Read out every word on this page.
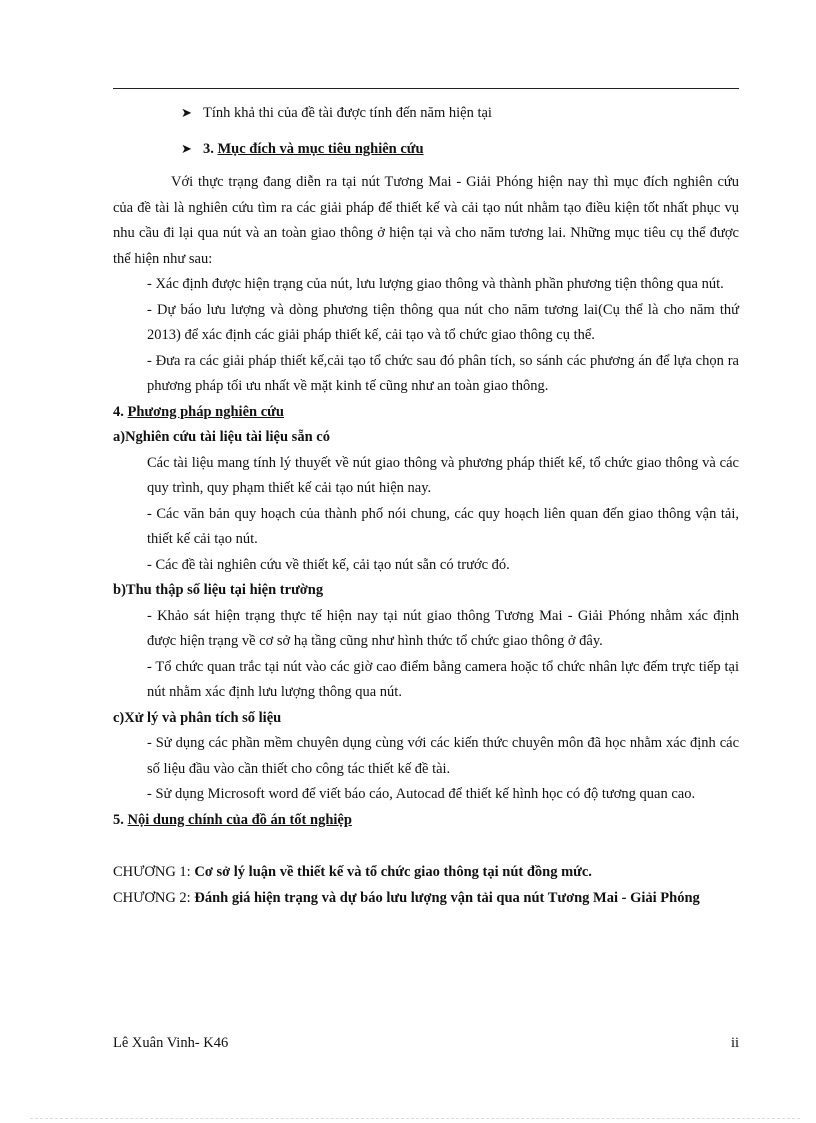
➤ Tính khả thi của đề tài được tính đến năm hiện tại
➤ 3. Mục đích và mục tiêu nghiên cứu

Với thực trạng đang diễn ra tại nút Tương Mai - Giải Phóng hiện nay thì mục đích nghiên cứu của đề tài là nghiên cứu tìm ra các giải pháp để thiết kế và cải tạo nút nhằm tạo điều kiện tốt nhất phục vụ nhu cầu đi lại qua nút và an toàn giao thông ở hiện tại và cho năm tương lai. Những mục tiêu cụ thể được thể hiện như sau:

- Xác định được hiện trạng của nút, lưu lượng giao thông và thành phần phương tiện thông qua nút.

- Dự báo lưu lượng và dòng phương tiện thông qua nút cho năm tương lai(Cụ thể là cho năm thứ 2013) để xác định các giải pháp thiết kế, cải tạo và tổ chức giao thông cụ thể.

- Đưa ra các giải pháp thiết kế,cải tạo tổ chức sau đó phân tích, so sánh các phương án để lựa chọn ra phương pháp tối ưu nhất về mặt kinh tế cũng như an toàn giao thông.

4. Phương pháp nghiên cứu
a)Nghiên cứu tài liệu tài liệu sẵn có

Các tài liệu mang tính lý thuyết về nút giao thông và phương pháp thiết kế, tổ chức giao thông và các quy trình, quy phạm thiết kế cải tạo nút hiện nay.

- Các văn bản quy hoạch của thành phố nói chung, các quy hoạch liên quan đến giao thông vận tải, thiết kế cải tạo nút.

- Các đề tài nghiên cứu về thiết kế, cải tạo nút sẵn có trước đó.

b)Thu thập số liệu tại hiện trường

- Khảo sát hiện trạng thực tế hiện nay tại nút giao thông Tương Mai - Giải Phóng nhằm xác định được hiện trạng về cơ sở hạ tầng cũng như hình thức tổ chức giao thông ở đây.

- Tổ chức quan trắc tại nút vào các giờ cao điểm bằng camera hoặc tổ chức nhân lực đếm trực tiếp tại nút nhằm xác định lưu lượng thông qua nút.

c)Xử lý và phân tích số liệu

- Sử dụng các phần mềm chuyên dụng cùng với các kiến thức chuyên môn đã học nhằm xác định các số liệu đầu vào cần thiết cho công tác thiết kế đề tài.

- Sử dụng Microsoft word để viết báo cáo, Autocad để thiết kế hình học có độ tương quan cao.

5. Nội dung chính của đồ án tốt nghiệp

CHƯƠNG 1: Cơ sở lý luận về thiết kế và tổ chức giao thông tại nút đồng mức.

CHƯƠNG 2: Đánh giá hiện trạng và dự báo lưu lượng vận tải qua nút Tương Mai - Giải Phóng

Lê Xuân Vinh- K46	ii
